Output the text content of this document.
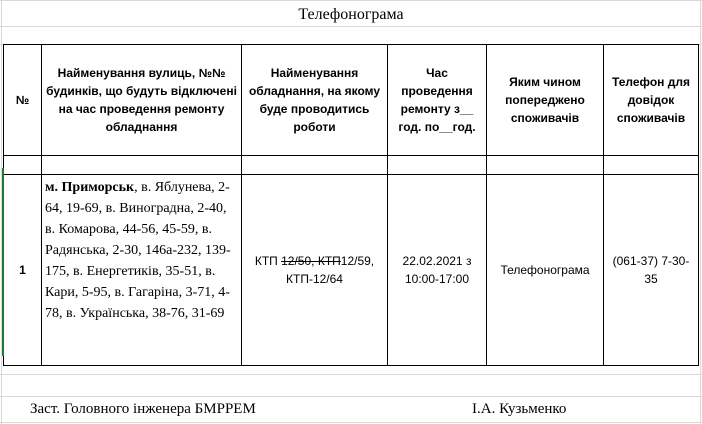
Телефонограма
№	Найменування вулиць, №№ будинків, що будуть відключені на час проведення ремонту обладнання	Найменування обладнання, на якому буде проводитись роботи	Час проведення ремонту з__ год. по__год.	Яким чином попереджено споживачів	Телефон для довідок споживачів

1	м. Приморськ, в. Яблунева, 2-64, 19-69, в. Виноградна, 2-40, в. Комарова, 44-56, 45-59, в. Радянська, 2-30, 146а-232, 139-175, в. Енергетиків, 35-51, в. Кари, 5-95, в. Гагаріна, 3-71, 4-78, в. Українська, 38-76, 31-69	КТП 12/50, КТП12/59, КТП-12/64	22.02.2021 з 10:00-17:00	Телефонограма	(061-37) 7-30-35
Заст. Головного інженера БМРРЕМ	І.А. Кузьменко
